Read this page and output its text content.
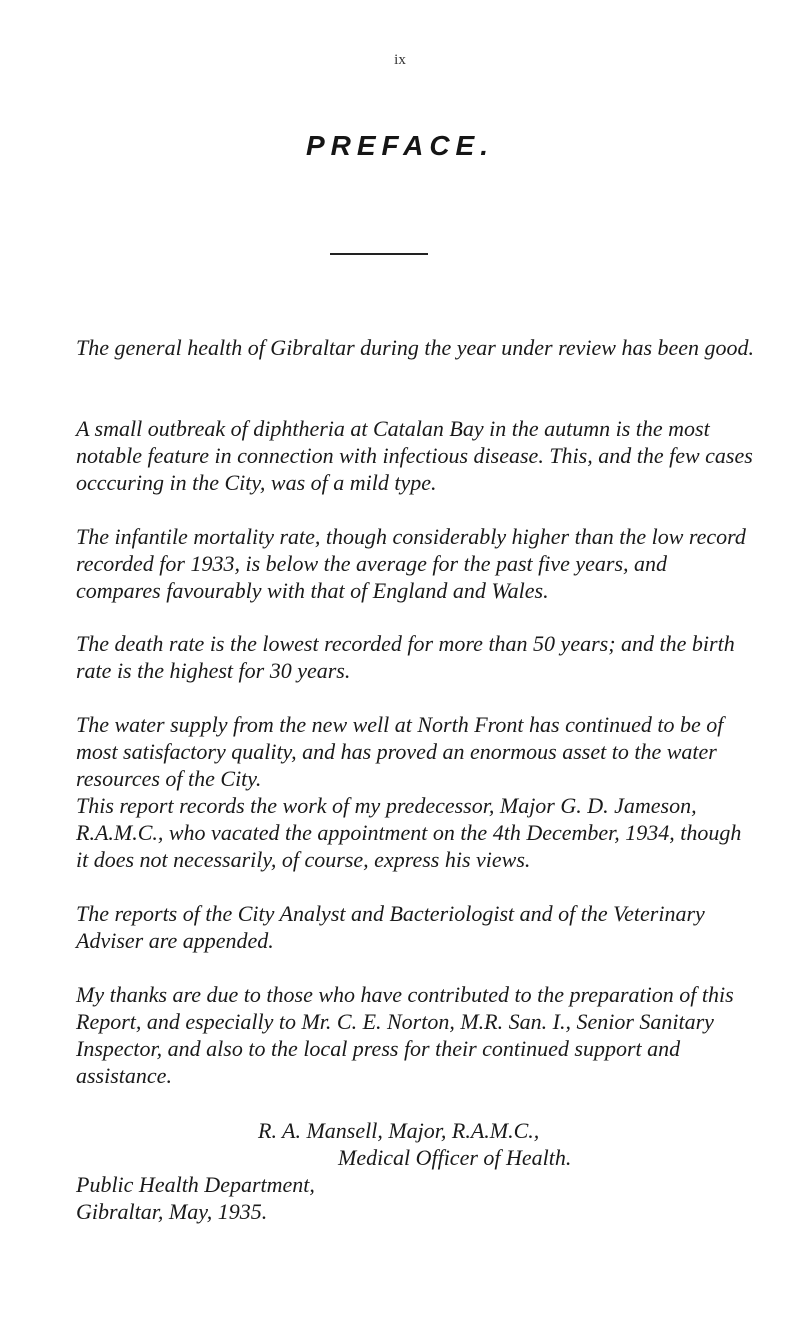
ix
PREFACE.

The general health of Gibraltar during the year under review has been good.

A small outbreak of diphtheria at Catalan Bay in the autumn is the most notable feature in connection with infectious disease. This, and the few cases occcuring in the City, was of a mild type.

The infantile mortality rate, though considerably higher than the low record recorded for 1933, is below the average for the past five years, and compares favourably with that of England and Wales.

The death rate is the lowest recorded for more than 50 years; and the birth rate is the highest for 30 years.

The water supply from the new well at North Front has continued to be of most satisfactory quality, and has proved an enormous asset to the water resources of the City.

This report records the work of my predecessor, Major G. D. Jameson, R.A.M.C., who vacated the appointment on the 4th December, 1934, though it does not necessarily, of course, express his views.

The reports of the City Analyst and Bacteriologist and of the Veterinary Adviser are appended.

My thanks are due to those who have contributed to the preparation of this Report, and especially to Mr. C. E. Norton, M.R. San. I., Senior Sanitary Inspector, and also to the local press for their continued support and assistance.

R. A. Mansell, Major, R.A.M.C.,
Medical Officer of Health.
Public Health Department,
Gibraltar, May, 1935.
